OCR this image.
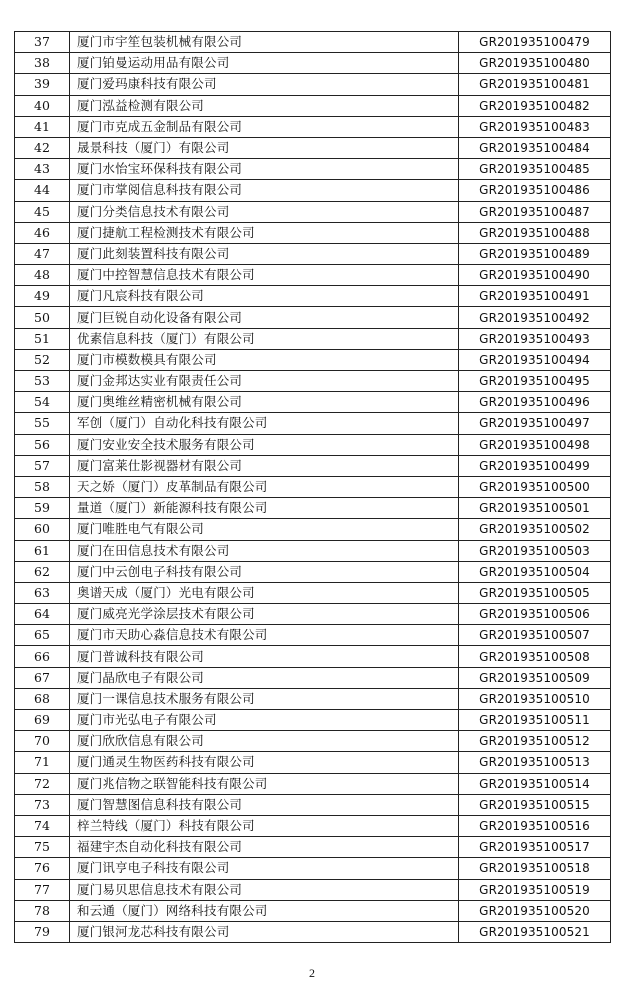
37	厦门市宇笙包装机械有限公司	GR201935100479
38	厦门铂曼运动用品有限公司	GR201935100480
39	厦门爱玛康科技有限公司	GR201935100481
40	厦门泓益检测有限公司	GR201935100482
41	厦门市克成五金制品有限公司	GR201935100483
42	晟景科技（厦门）有限公司	GR201935100484
43	厦门水怡宝环保科技有限公司	GR201935100485
44	厦门市掌阅信息科技有限公司	GR201935100486
45	厦门分类信息技术有限公司	GR201935100487
46	厦门捷航工程检测技术有限公司	GR201935100488
47	厦门此刻装置科技有限公司	GR201935100489
48	厦门中控智慧信息技术有限公司	GR201935100490
49	厦门凡宸科技有限公司	GR201935100491
50	厦门巨锐自动化设备有限公司	GR201935100492
51	优素信息科技（厦门）有限公司	GR201935100493
52	厦门市模数模具有限公司	GR201935100494
53	厦门金邦达实业有限责任公司	GR201935100495
54	厦门奥维丝精密机械有限公司	GR201935100496
55	军创（厦门）自动化科技有限公司	GR201935100497
56	厦门安业安全技术服务有限公司	GR201935100498
57	厦门富莱仕影视器材有限公司	GR201935100499
58	天之娇（厦门）皮革制品有限公司	GR201935100500
59	量道（厦门）新能源科技有限公司	GR201935100501
60	厦门唯胜电气有限公司	GR201935100502
61	厦门在田信息技术有限公司	GR201935100503
62	厦门中云创电子科技有限公司	GR201935100504
63	奥谱天成（厦门）光电有限公司	GR201935100505
64	厦门威亮光学涂层技术有限公司	GR201935100506
65	厦门市天助心淼信息技术有限公司	GR201935100507
66	厦门普诚科技有限公司	GR201935100508
67	厦门晶欣电子有限公司	GR201935100509
68	厦门一课信息技术服务有限公司	GR201935100510
69	厦门市光弘电子有限公司	GR201935100511
70	厦门欣欣信息有限公司	GR201935100512
71	厦门通灵生物医药科技有限公司	GR201935100513
72	厦门兆信物之联智能科技有限公司	GR201935100514
73	厦门智慧图信息科技有限公司	GR201935100515
74	梓兰特线（厦门）科技有限公司	GR201935100516
75	福建宇杰自动化科技有限公司	GR201935100517
76	厦门讯亨电子科技有限公司	GR201935100518
77	厦门易贝思信息技术有限公司	GR201935100519
78	和云通（厦门）网络科技有限公司	GR201935100520
79	厦门银河龙芯科技有限公司	GR201935100521
2
